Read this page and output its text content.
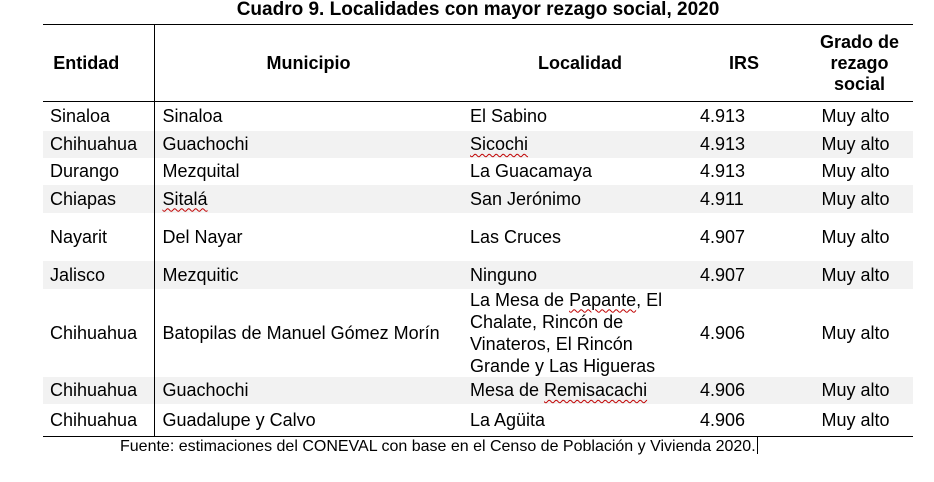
Cuadro 9. Localidades con mayor rezago social, 2020
Entidad	Municipio	Localidad	IRS	Grado de
rezago
social

Sinaloa	Sinaloa	El Sabino	4.913	Muy alto
Chihuahua	Guachochi	Sicochi	4.913	Muy alto
Durango	Mezquital	La Guacamaya	4.913	Muy alto
Chiapas	Sitalá	San Jerónimo	4.911	Muy alto
Nayarit	Del Nayar	Las Cruces	4.907	Muy alto
Jalisco	Mezquitic	Ninguno	4.907	Muy alto
Chihuahua	Batopilas de Manuel Gómez Morín	La Mesa de Papante, El Chalate, Rincón de Vinateros, El Rincón Grande y Las Higueras	4.906	Muy alto
Chihuahua	Guachochi	Mesa de Remisacachi	4.906	Muy alto
Chihuahua	Guadalupe y Calvo	La Agüita	4.906	Muy alto
Fuente: estimaciones del CONEVAL con base en el Censo de Población y Vivienda 2020.
